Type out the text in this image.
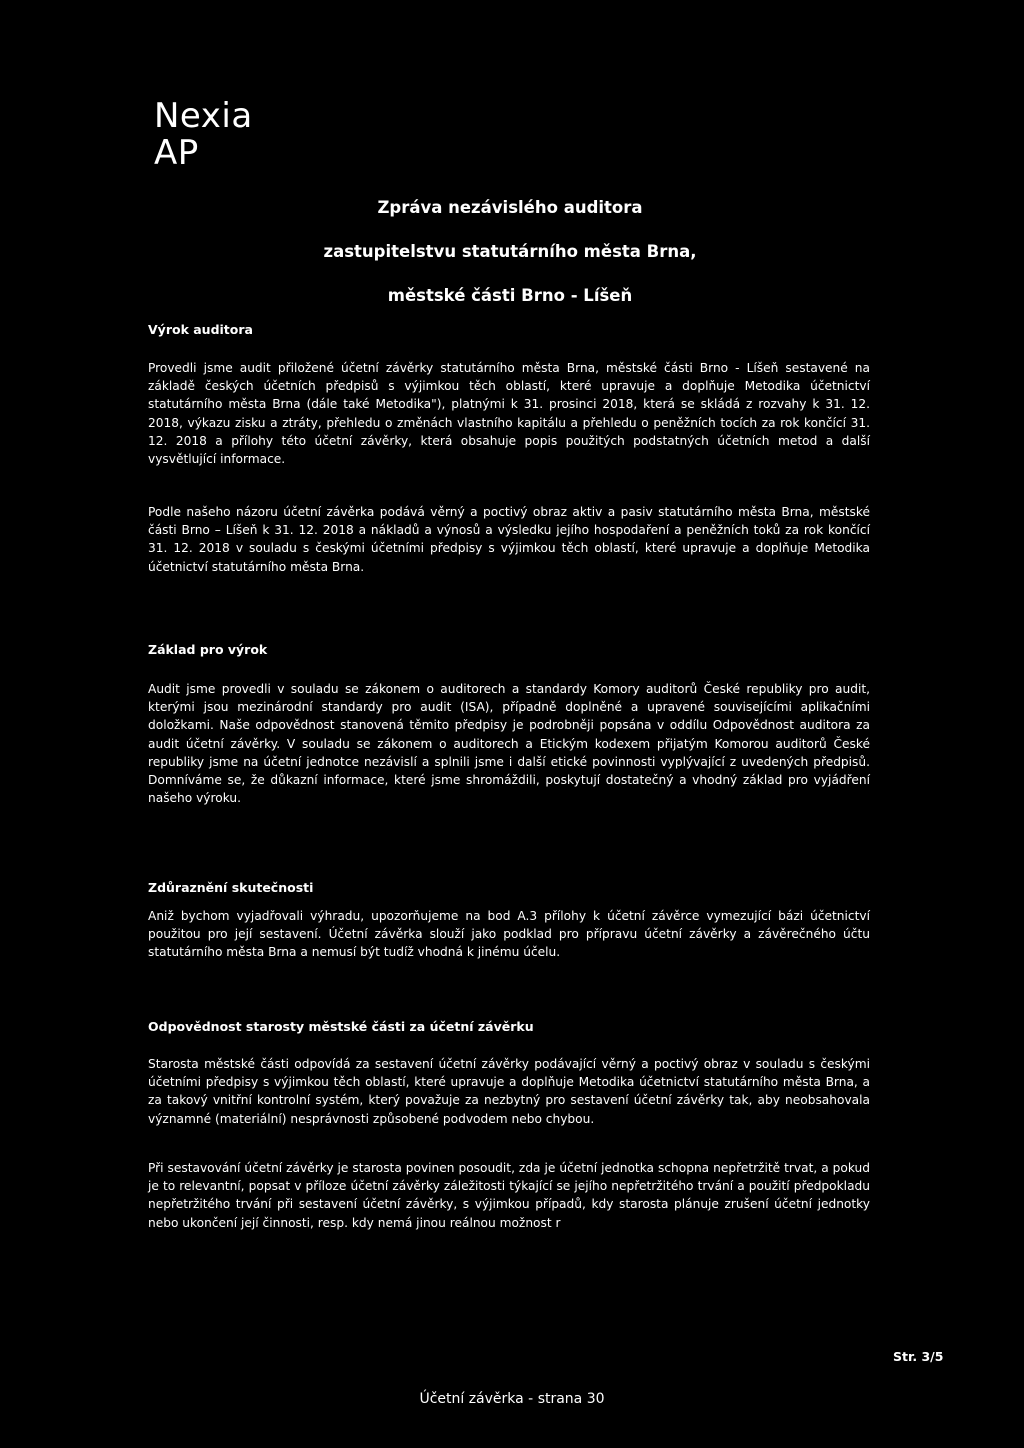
Nexia
AP
Zpráva nezávislého auditora
zastupitelstvu statutárního města Brna,
městské části Brno - Líšeň
Výrok auditora

Provedli jsme audit přiložené účetní závěrky statutárního města Brna, městské části Brno - Líšeň sestavené na základě českých účetních předpisů s výjimkou těch oblastí, které upravuje a doplňuje Metodika účetnictví statutárního města Brna (dále také Metodika"), platnými k 31. prosinci 2018, která se skládá z rozvahy k 31. 12. 2018, výkazu zisku a ztráty, přehledu o změnách vlastního kapitálu a přehledu o peněžních tocích za rok končící 31. 12. 2018 a přílohy této účetní závěrky, která obsahuje popis použitých podstatných účetních metod a další vysvětlující informace.

Podle našeho názoru účetní závěrka podává věrný a poctivý obraz aktiv a pasiv statutárního města Brna, městské části Brno – Líšeň k 31. 12. 2018 a nákladů a výnosů a výsledku jejího hospodaření a peněžních toků za rok končící 31. 12. 2018 v souladu s českými účetními předpisy s výjimkou těch oblastí, které upravuje a doplňuje Metodika účetnictví statutárního města Brna.

Základ pro výrok

Audit jsme provedli v souladu se zákonem o auditorech a standardy Komory auditorů České republiky pro audit, kterými jsou mezinárodní standardy pro audit (ISA), případně doplněné a upravené souvisejícími aplikačními doložkami. Naše odpovědnost stanovená těmito předpisy je podrobněji popsána v oddílu Odpovědnost auditora za audit účetní závěrky. V souladu se zákonem o auditorech a Etickým kodexem přijatým Komorou auditorů České republiky jsme na účetní jednotce nezávislí a splnili jsme i další etické povinnosti vyplývající z uvedených předpisů. Domníváme se, že důkazní informace, které jsme shromáždili, poskytují dostatečný a vhodný základ pro vyjádření našeho výroku.

Zdůraznění skutečnosti

Aniž bychom vyjadřovali výhradu, upozorňujeme na bod A.3 přílohy k účetní závěrce vymezující bázi účetnictví použitou pro její sestavení. Účetní závěrka slouží jako podklad pro přípravu účetní závěrky a závěrečného účtu statutárního města Brna a nemusí být tudíž vhodná k jinému účelu.

Odpovědnost starosty městské části za účetní závěrku

Starosta městské části odpovídá za sestavení účetní závěrky podávající věrný a poctivý obraz v souladu s českými účetními předpisy s výjimkou těch oblastí, které upravuje a doplňuje Metodika účetnictví statutárního města Brna, a za takový vnitřní kontrolní systém, který považuje za nezbytný pro sestavení účetní závěrky tak, aby neobsahovala významné (materiální) nesprávnosti způsobené podvodem nebo chybou.

Při sestavování účetní závěrky je starosta povinen posoudit, zda je účetní jednotka schopna nepřetržitě trvat, a pokud je to relevantní, popsat v příloze účetní závěrky záležitosti týkající se jejího nepřetržitého trvání a použití předpokladu nepřetržitého trvání při sestavení účetní závěrky, s výjimkou případů, kdy starosta plánuje zrušení účetní jednotky nebo ukončení její činnosti, resp. kdy nemá jinou reálnou možnost r

Str. 3/5
Účetní závěrka - strana 30
